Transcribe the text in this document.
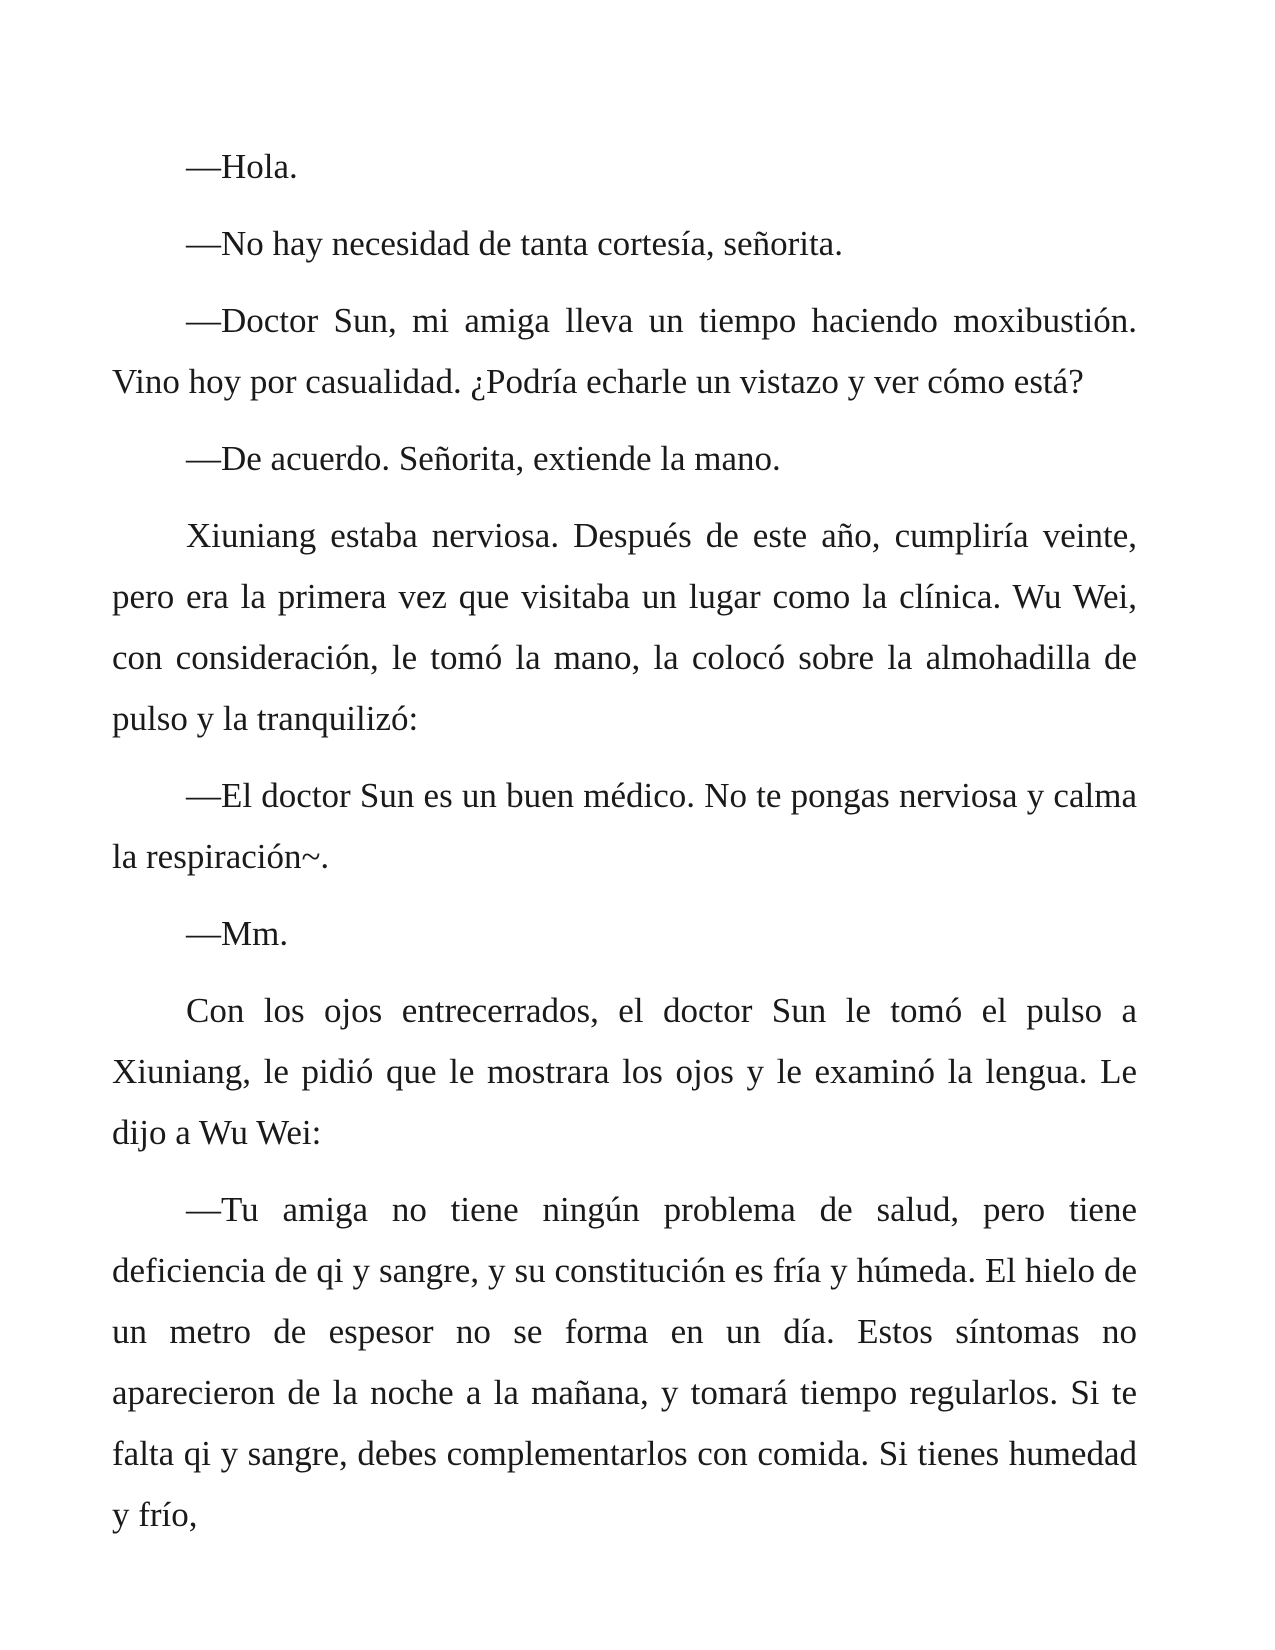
—Hola.

—No hay necesidad de tanta cortesía, señorita.

—Doctor Sun, mi amiga lleva un tiempo haciendo moxibustión. Vino hoy por casualidad. ¿Podría echarle un vistazo y ver cómo está?

—De acuerdo. Señorita, extiende la mano.

Xiuniang estaba nerviosa. Después de este año, cumpliría veinte, pero era la primera vez que visitaba un lugar como la clínica. Wu Wei, con consideración, le tomó la mano, la colocó sobre la almohadilla de pulso y la tranquilizó:

—El doctor Sun es un buen médico. No te pongas nerviosa y calma la respiración~.

—Mm.

Con los ojos entrecerrados, el doctor Sun le tomó el pulso a Xiuniang, le pidió que le mostrara los ojos y le examinó la lengua. Le dijo a Wu Wei:

—Tu amiga no tiene ningún problema de salud, pero tiene deficiencia de qi y sangre, y su constitución es fría y húmeda. El hielo de un metro de espesor no se forma en un día. Estos síntomas no aparecieron de la noche a la mañana, y tomará tiempo regularlos. Si te falta qi y sangre, debes complementarlos con comida. Si tienes humedad y frío,
